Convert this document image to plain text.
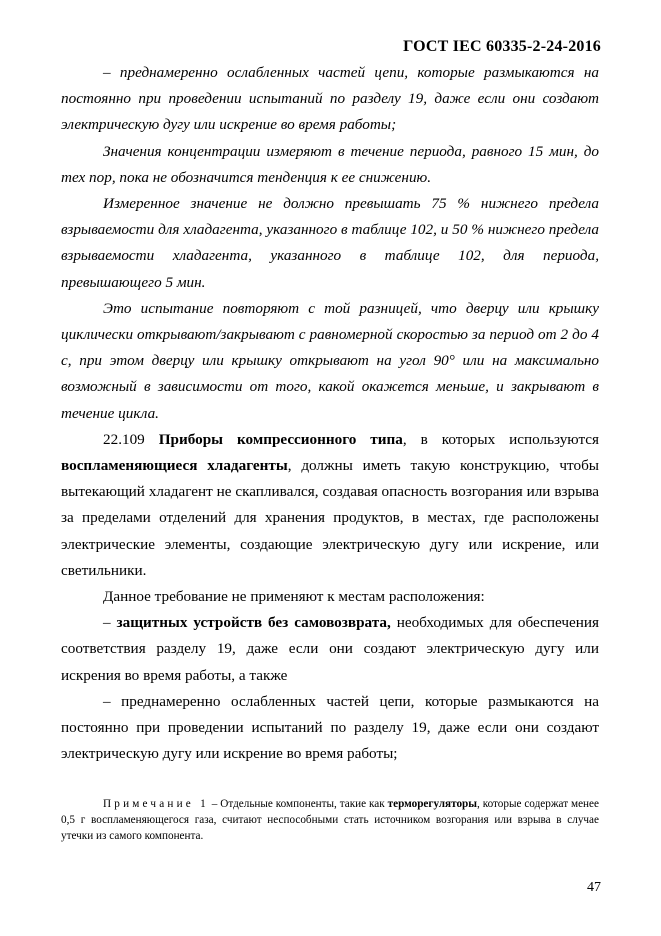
ГОСТ IEC 60335-2-24-2016

– преднамеренно ослабленных частей цепи, которые размыкаются на постоянно при проведении испытаний по разделу 19, даже если они создают электрическую дугу или искрение во время работы;

Значения концентрации измеряют в течение периода, равного 15 мин, до тех пор, пока не обозначится тенденция к ее снижению.

Измеренное значение не должно превышать 75 % нижнего предела взрываемости для хладагента, указанного в таблице 102, и 50 % нижнего предела взрываемости хладагента, указанного в таблице 102, для периода, превышающего 5 мин.

Это испытание повторяют с той разницей, что дверцу или крышку циклически открывают/закрывают с равномерной скоростью за период от 2 до 4 с, при этом дверцу или крышку открывают на угол 90° или на максимально возможный в зависимости от того, какой окажется меньше, и закрывают в течение цикла.

22.109 Приборы компрессионного типа, в которых используются воспламеняющиеся хладагенты, должны иметь такую конструкцию, чтобы вытекающий хладагент не скапливался, создавая опасность возгорания или взрыва за пределами отделений для хранения продуктов, в местах, где расположены электрические элементы, создающие электрическую дугу или искрение, или светильники.

Данное требование не применяют к местам расположения:

– защитных устройств без самовозврата, необходимых для обеспечения соответствия разделу 19, даже если они создают электрическую дугу или искрения во время работы, а также

– преднамеренно ослабленных частей цепи, которые размыкаются на постоянно при проведении испытаний по разделу 19, даже если они создают электрическую дугу или искрение во время работы;

Примечание 1 – Отдельные компоненты, такие как терморегуляторы, которые содержат менее 0,5 г воспламеняющегося газа, считают неспособными стать источником возгорания или взрыва в случае утечки из самого компонента.

47
